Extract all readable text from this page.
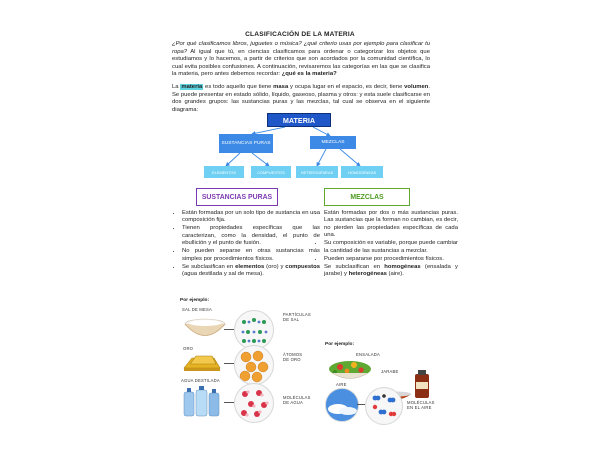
CLASIFICACIÓN DE LA MATERIA
¿Por qué clasificamos libros, juguetes o música? ¿qué criterio usas por ejemplo para clasificar tu ropa? Al igual que tú, en ciencias clasificamos para ordenar o categorizar los objetos que estudiamos y lo hacemos, a partir de criterios que son acordados por la comunidad científica, lo cual evita posibles confusiones. A continuación, revisaremos las categorías en las que se clasifica la materia, pero antes debemos recordar: ¿qué es la materia?
La materia es todo aquello que tiene masa y ocupa lugar en el espacio, es decir, tiene volumen. Se puede presentar en estado sólido, líquido, gaseoso, plasma y otros: y esta suele clasificarse en dos grandes grupos: las sustancias puras y las mezclas, tal cual se observa en el siguiente diagrama:
MATERIA
SUSTANCIAS PURAS	MEZCLAS
ELEMENTOS	COMPUESTOS	HETEROGÉNEAS	HOMOGÉNEAS
SUSTANCIAS PURAS	MEZCLAS
• Están formadas por un solo tipo de sustancia en una composición fija.
• Tienen propiedades específicas que las caracterizan, como la densidad, el punto de ebullición y el punto de fusión.
• No pueden separse en otras sustancias más simples por procedimientos físicos.
• Se subclasifican en elementos (oro) y compuestos (agua destilada y sal de mesa).
• Están formadas por dos o más sustancias puras. Las sustancias que la forman no cambian, es decir, no pierden las propiedades específicas de cada una.
• Su composición es variable, porque puede cambiar la cantidad de las sustancias a mezclar.
• Pueden separarse por procedimientos físicos.
• Se subclasifican en homogéneas (ensalada y jarabe) y heterogéneas (aire).
Por ejemplo:
SAL DE MESA
PARTÍCULAS DE SAL
ORO
ÁTOMOS DE ORO
AGUA DESTILADA
MOLÉCULAS DE AGUA
Por ejemplo:
ENSALADA
JARABE
AIRE
MOLÉCULAS EN EL AIRE
